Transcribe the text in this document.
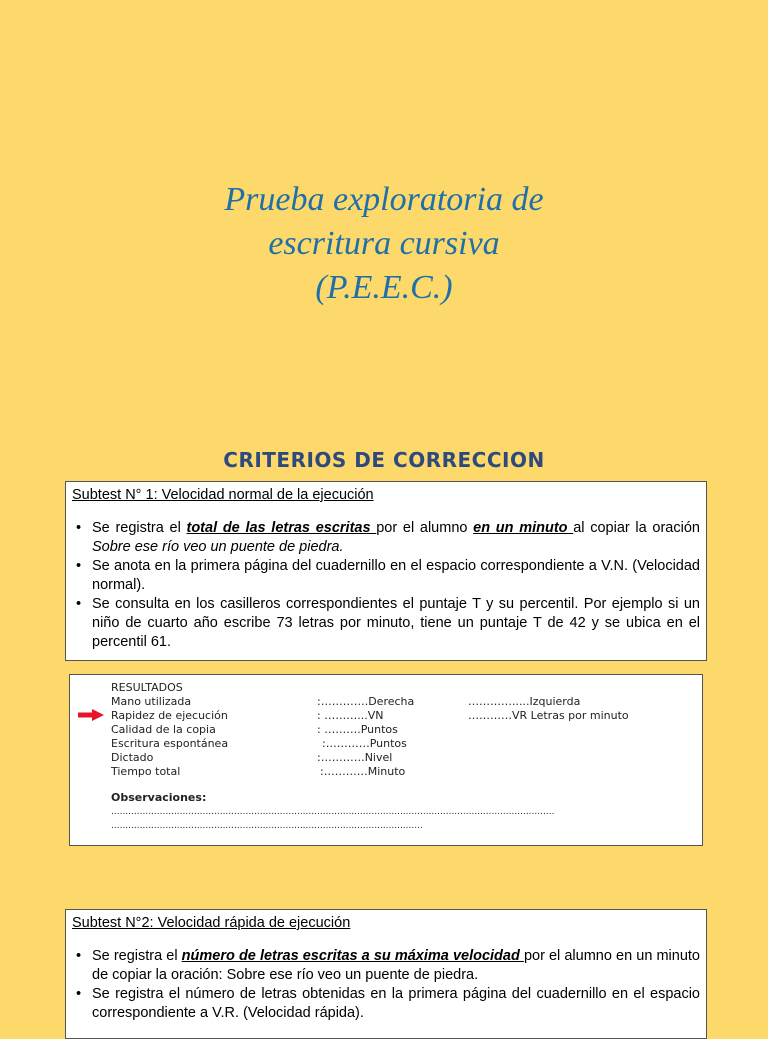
Prueba exploratoria de
escritura cursiva
(P.E.E.C.)
CRITERIOS DE CORRECCION
Subtest N° 1: Velocidad normal de la ejecución
• Se registra el total de las letras escritas por el alumno en un minuto al copiar la oración Sobre ese río veo un puente de piedra.
• Se anota en la primera página del cuadernillo en el espacio correspondiente a V.N. (Velocidad normal).
• Se consulta en los casilleros correspondientes el puntaje T y su percentil. Por ejemplo si un niño de cuarto año escribe 73 letras por minuto, tiene un puntaje T de 42 y se ubica en el percentil 61.
RESULTADOS
Mano utilizada	:………….Derecha	………….....Izquierda
Rapidez de ejecución	: ………...VN	…………VR Letras por minuto
Calidad de la copia	: ……….Puntos
Escritura espontánea	:…………Puntos
Dictado	:…………Nivel
Tiempo total	:…………Minuto
Observaciones:
...........................................................................................................................................................
.............................................................................................................
Subtest N°2: Velocidad rápida de ejecución
• Se registra el número de letras escritas a su máxima velocidad por el alumno en un minuto de copiar la oración: Sobre ese río veo un puente de piedra.
• Se registra el número de letras obtenidas en la primera página del cuadernillo en el espacio correspondiente a V.R. (Velocidad rápida).
